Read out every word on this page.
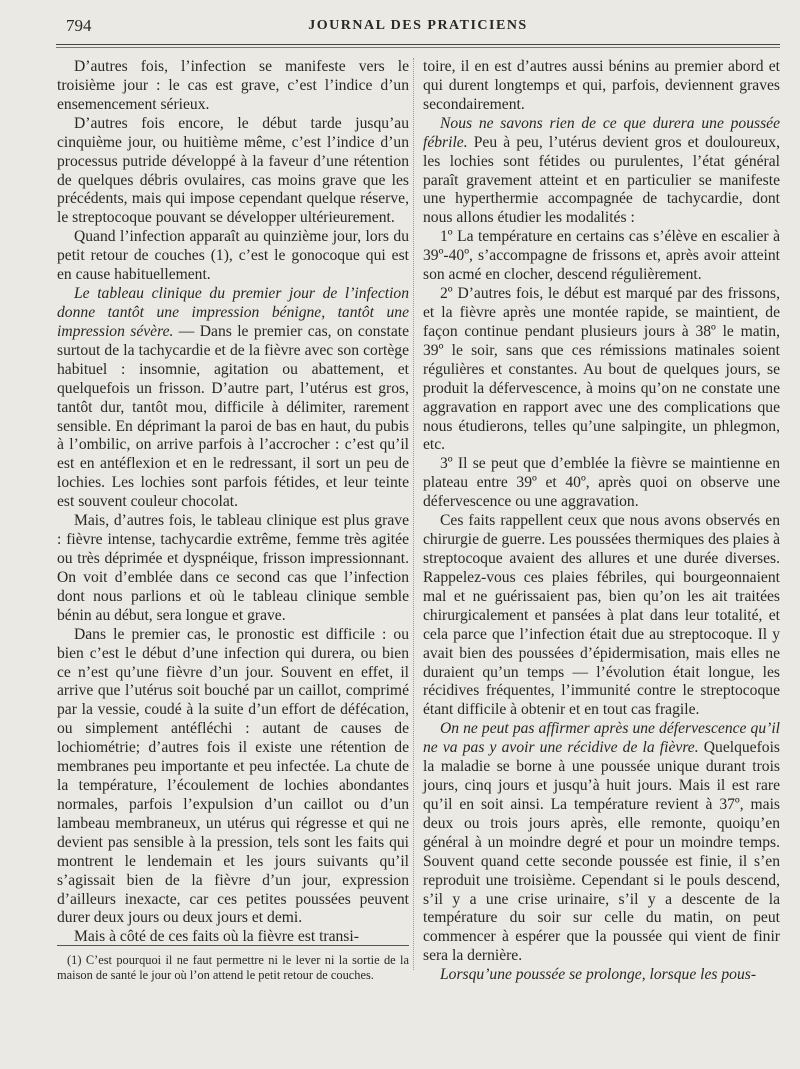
794	JOURNAL DES PRATICIENS

D’autres fois, l’infection se manifeste vers le troisième jour : le cas est grave, c’est l’indice d’un ensemencement sérieux.

D’autres fois encore, le début tarde jusqu’au cinquième jour, ou huitième même, c’est l’indice d’un processus putride développé à la faveur d’une rétention de quelques débris ovulaires, cas moins grave que les précédents, mais qui impose cependant quelque réserve, le streptocoque pouvant se développer ultérieurement.

Quand l’infection apparaît au quinzième jour, lors du petit retour de couches (1), c’est le gonocoque qui est en cause habituellement.

Le tableau clinique du premier jour de l’infection donne tantôt une impression bénigne, tantôt une impression sévère. — Dans le premier cas, on constate surtout de la tachycardie et de la fièvre avec son cortège habituel : insomnie, agitation ou abattement, et quelquefois un frisson. D’autre part, l’utérus est gros, tantôt dur, tantôt mou, difficile à délimiter, rarement sensible. En déprimant la paroi de bas en haut, du pubis à l’ombilic, on arrive parfois à l’accrocher : c’est qu’il est en antéflexion et en le redressant, il sort un peu de lochies. Les lochies sont parfois fétides, et leur teinte est souvent couleur chocolat.

Mais, d’autres fois, le tableau clinique est plus grave : fièvre intense, tachycardie extrême, femme très agitée ou très déprimée et dyspnéique, frisson impressionnant. On voit d’emblée dans ce second cas que l’infection dont nous parlions et où le tableau clinique semble bénin au début, sera longue et grave.

Dans le premier cas, le pronostic est difficile : ou bien c’est le début d’une infection qui durera, ou bien ce n’est qu’une fièvre d’un jour. Souvent en effet, il arrive que l’utérus soit bouché par un caillot, comprimé par la vessie, coudé à la suite d’un effort de défécation, ou simplement antéfléchi : autant de causes de lochiométrie; d’autres fois il existe une rétention de membranes peu importante et peu infectée. La chute de la température, l’écoulement de lochies abondantes normales, parfois l’expulsion d’un caillot ou d’un lambeau membraneux, un utérus qui régresse et qui ne devient pas sensible à la pression, tels sont les faits qui montrent le lendemain et les jours suivants qu’il s’agissait bien de la fièvre d’un jour, expression d’ailleurs inexacte, car ces petites poussées peuvent durer deux jours ou deux jours et demi.

Mais à côté de ces faits où la fièvre est transi-

toire, il en est d’autres aussi bénins au premier abord et qui durent longtemps et qui, parfois, deviennent graves secondairement.

Nous ne savons rien de ce que durera une poussée fébrile. Peu à peu, l’utérus devient gros et douloureux, les lochies sont fétides ou purulentes, l’état général paraît gravement atteint et en particulier se manifeste une hyperthermie accompagnée de tachycardie, dont nous allons étudier les modalités :

1º La température en certains cas s’élève en escalier à 39º-40º, s’accompagne de frissons et, après avoir atteint son acmé en clocher, descend régulièrement.

2º D’autres fois, le début est marqué par des frissons, et la fièvre après une montée rapide, se maintient, de façon continue pendant plusieurs jours à 38º le matin, 39º le soir, sans que ces rémissions matinales soient régulières et constantes. Au bout de quelques jours, se produit la défervescence, à moins qu’on ne constate une aggravation en rapport avec une des complications que nous étudierons, telles qu’une salpingite, un phlegmon, etc.

3º Il se peut que d’emblée la fièvre se maintienne en plateau entre 39º et 40º, après quoi on observe une défervescence ou une aggravation.

Ces faits rappellent ceux que nous avons observés en chirurgie de guerre. Les poussées thermiques des plaies à streptocoque avaient des allures et une durée diverses. Rappelez-vous ces plaies fébriles, qui bourgeonnaient mal et ne guérissaient pas, bien qu’on les ait traitées chirurgicalement et pansées à plat dans leur totalité, et cela parce que l’infection était due au streptocoque. Il y avait bien des poussées d’épidermisation, mais elles ne duraient qu’un temps — l’évolution était longue, les récidives fréquentes, l’immunité contre le streptocoque étant difficile à obtenir et en tout cas fragile.

On ne peut pas affirmer après une défervescence qu’il ne va pas y avoir une récidive de la fièvre. Quelquefois la maladie se borne à une poussée unique durant trois jours, cinq jours et jusqu’à huit jours. Mais il est rare qu’il en soit ainsi. La température revient à 37º, mais deux ou trois jours après, elle remonte, quoiqu’en général à un moindre degré et pour un moindre temps. Souvent quand cette seconde poussée est finie, il s’en reproduit une troisième. Cependant si le pouls descend, s’il y a une crise urinaire, s’il y a descente de la température du soir sur celle du matin, on peut commencer à espérer que la poussée qui vient de finir sera la dernière.

Lorsqu’une poussée se prolonge, lorsque les pous-

(1) C’est pourquoi il ne faut permettre ni le lever ni la sortie de la maison de santé le jour où l’on attend le petit retour de couches.
